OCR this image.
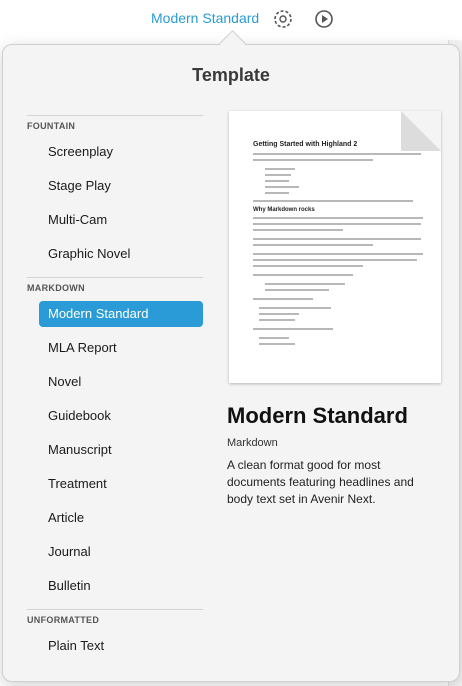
Modern Standard
Template
FOUNTAIN
Screenplay
Stage Play
Multi-Cam
Graphic Novel
MARKDOWN
Modern Standard
MLA Report
Novel
Guidebook
Manuscript
Treatment
Article
Journal
Bulletin
UNFORMATTED
Plain Text
Getting Started with Highland 2
Why Markdown rocks
Modern Standard
Markdown
A clean format good for most documents featuring headlines and body text set in Avenir Next.
